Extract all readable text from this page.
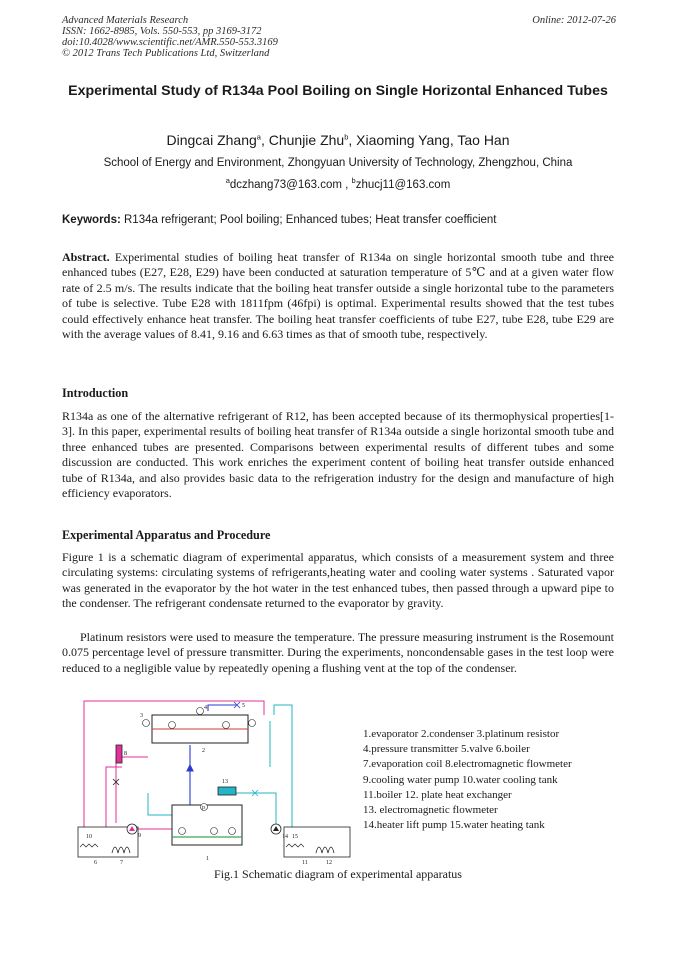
Advanced Materials Research
ISSN: 1662-8985, Vols. 550-553, pp 3169-3172
doi:10.4028/www.scientific.net/AMR.550-553.3169
© 2012 Trans Tech Publications Ltd, Switzerland
Online: 2012-07-26
Experimental Study of R134a Pool Boiling on Single Horizontal Enhanced Tubes
Dingcai Zhang$^a$, Chunjie Zhu$^b$, Xiaoming Yang, Tao Han
School of Energy and Environment, Zhongyuan University of Technology, Zhengzhou, China
$^a$dczhang73@163.com , $^b$zhucj11@163.com
Keywords: R134a refrigerant; Pool boiling; Enhanced tubes; Heat transfer coefficient
Abstract. Experimental studies of boiling heat transfer of R134a on single horizontal smooth tube and three enhanced tubes (E27, E28, E29) have been conducted at saturation temperature of 5℃ and at a given water flow rate of 2.5 m/s. The results indicate that the boiling heat transfer outside a single horizontal tube to the parameters of tube is selective. Tube E28 with 1811fpm (46fpi) is optimal. Experimental results showed that the test tubes could effectively enhance heat transfer. The boiling heat transfer coefficients of tube E27, tube E28, tube E29 are with the average values of 8.41, 9.16 and 6.63 times as that of smooth tube, respectively.
Introduction
R134a as one of the alternative refrigerant of R12, has been accepted because of its thermophysical properties[1-3]. In this paper, experimental results of boiling heat transfer of R134a outside a single horizontal smooth tube and three enhanced tubes are presented. Comparisons between experimental results of different tubes and some discussion are conducted. This work enriches the experiment content of boiling heat transfer outside enhanced tube of R134a, and also provides basic data to the refrigeration industry for the design and manufacture of high efficiency evaporators.
Experimental Apparatus and Procedure
Figure 1 is a schematic diagram of experimental apparatus, which consists of a measurement system and three circulating systems: circulating systems of refrigerants,heating water and cooling water systems . Saturated vapor was generated in the evaporator by the hot water in the test enhanced tubes, then passed through a upward pipe to the condenser. The refrigerant condensate returned to the evaporator by gravity.
Platinum resistors were used to measure the temperature. The pressure measuring instrument is the Rosemount 0.075 percentage level of pressure transmitter. During the experiments, noncondensable gases in the test loop were reduced to a negligible value by repeatedly opening a flushing vent at the top of the condenser.
1
2
3
4	5
6	7
8
9
10
11	12
13
14 15
p
1.evaporator 2.condenser 3.platinum resistor
4.pressure transmitter 5.valve 6.boiler
7.evaporation coil 8.electromagnetic flowmeter
9.cooling water pump 10.water cooling tank
11.boiler 12. plate heat exchanger
13. electromagnetic flowmeter
14.heater lift pump 15.water heating tank
Fig.1 Schematic diagram of experimental apparatus
